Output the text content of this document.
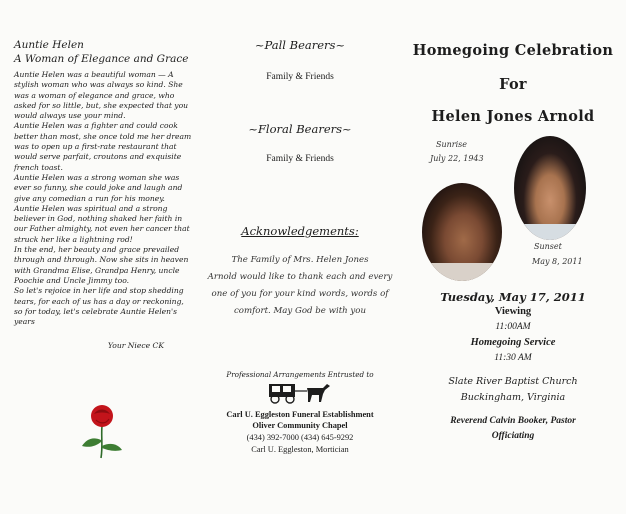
Auntie Helen
A Woman of Elegance and Grace

Auntie Helen was a beautiful woman — A stylish woman who was always so kind. She was a woman of elegance and grace, who asked for so little, but, she expected that you would always use your mind.

Auntie Helen was a fighter and could cook better than most, she once told me her dream was to open up a first-rate restaurant that would serve parfait, croutons and exquisite french toast.

Auntie Helen was a strong woman she was ever so funny, she could joke and laugh and give any comedian a run for his money.

Auntie Helen was spiritual and a strong believer in God, nothing shaked her faith in our Father almighty, not even her cancer that struck her like a lightning rod!

In the end, her beauty and grace prevailed through and through. Now she sits in heaven with Grandma Elise, Grandpa Henry, uncle Poochie and Uncle Jimmy too.

So let's rejoice in her life and stop shedding tears, for each of us has a day or reckoning, so for today, let's celebrate Auntie Helen's years

Your Niece CK
~Pall Bearers~
Family & Friends
~Floral Bearers~
Family & Friends
Acknowledgements:
The Family of Mrs. Helen Jones
Arnold would like to thank each and every
one of you for your kind words, words of
comfort. May God be with you
Professional Arrangements Entrusted to
Carl U. Eggleston Funeral Establishment
Oliver Community Chapel
(434) 392-7000 (434) 645-9292
Carl U. Eggleston, Mortician
Homegoing Celebration
For
Helen Jones Arnold
Sunrise
July 22, 1943
Sunset
May 8, 2011
Tuesday, May 17, 2011
Viewing
11:00AM
Homegoing Service
11:30 AM
Slate River Baptist Church
Buckingham, Virginia
Reverend Calvin Booker, Pastor
Officiating
